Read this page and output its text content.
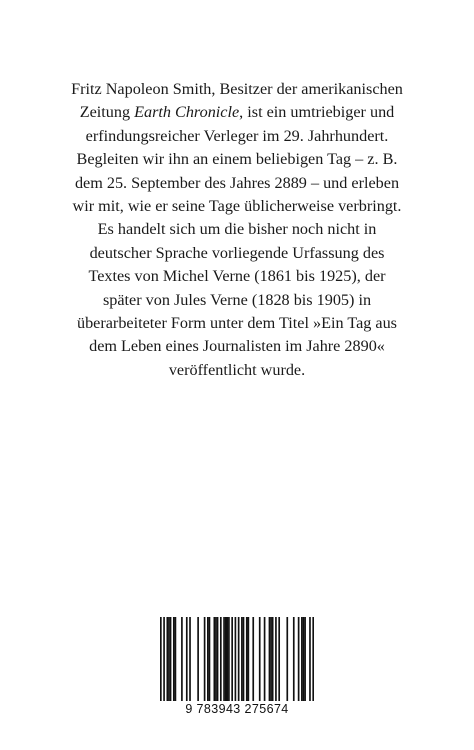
Fritz Napoleon Smith, Besitzer der amerikanischen Zeitung Earth Chronicle, ist ein umtriebiger und erfindungsreicher Verleger im 29. Jahrhundert. Begleiten wir ihn an einem beliebigen Tag – z. B. dem 25. September des Jahres 2889 – und erleben wir mit, wie er seine Tage üblicherweise verbringt.

Es handelt sich um die bisher noch nicht in deutscher Sprache vorliegende Urfassung des Textes von Michel Verne (1861 bis 1925), der später von Jules Verne (1828 bis 1905) in überarbeiteter Form unter dem Titel »Ein Tag aus dem Leben eines Journalisten im Jahre 2890« veröffentlicht wurde.

9 783943 275674
